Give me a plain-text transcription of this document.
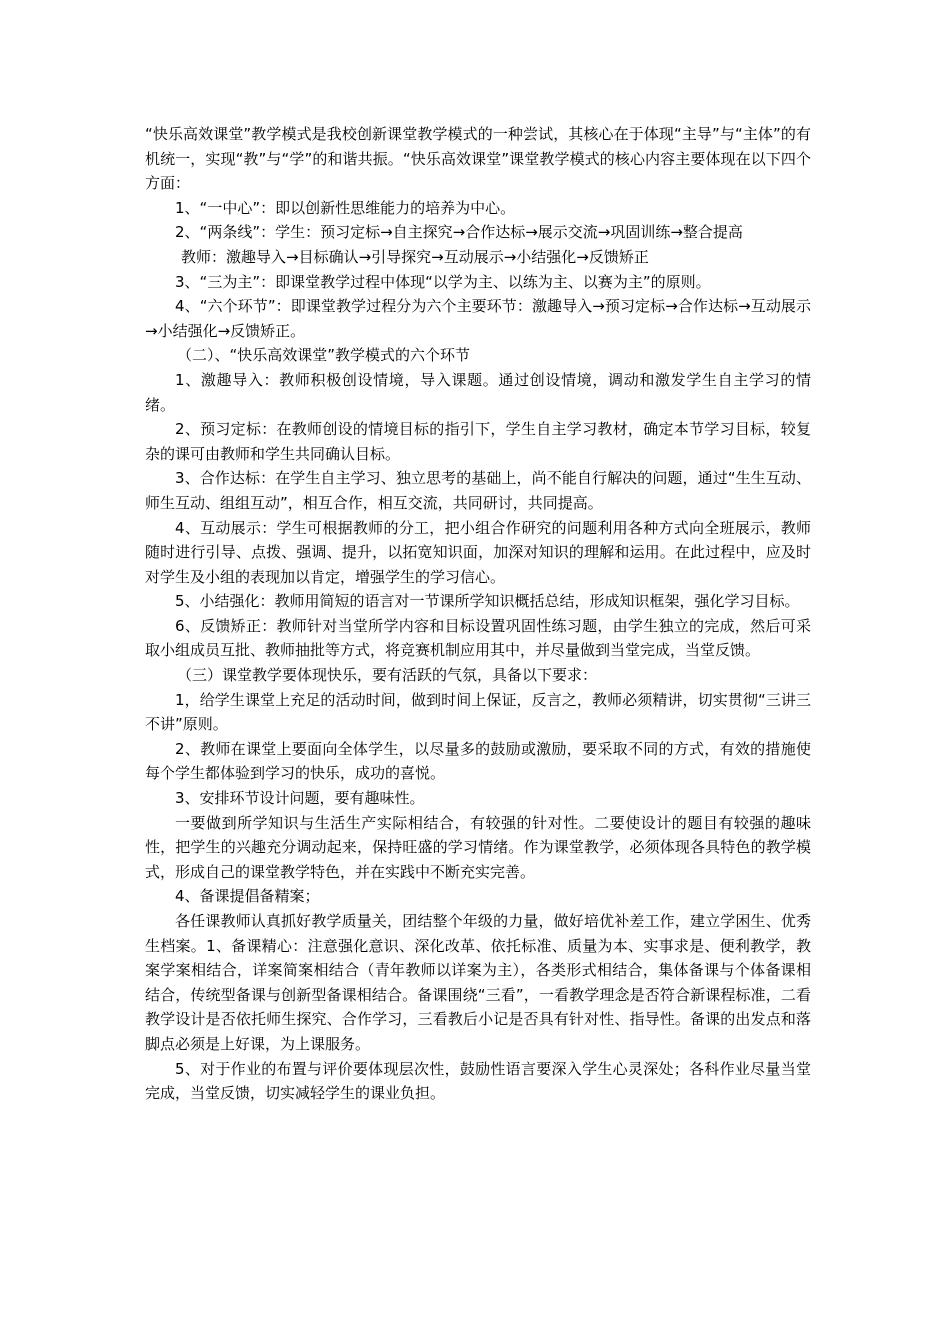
“快乐高效课堂”教学模式是我校创新课堂教学模式的一种尝试，其核心在于体现“主导”与“主体”的有机统一，实现“教”与“学”的和谐共振。“快乐高效课堂”课堂教学模式的核心内容主要体现在以下四个方面：

1、“一中心”：即以创新性思维能力的培养为中心。

2、“两条线”：学生：预习定标→自主探究→合作达标→展示交流→巩固训练→整合提高

教师：激趣导入→目标确认→引导探究→互动展示→小结强化→反馈矫正

3、“三为主”：即课堂教学过程中体现“以学为主、以练为主、以赛为主”的原则。

4、“六个环节”：即课堂教学过程分为六个主要环节：激趣导入→预习定标→合作达标→互动展示→小结强化→反馈矫正。

（二）、“快乐高效课堂”教学模式的六个环节

1、激趣导入：教师积极创设情境，导入课题。通过创设情境，调动和激发学生自主学习的情绪。

2、预习定标：在教师创设的情境目标的指引下，学生自主学习教材，确定本节学习目标，较复杂的课可由教师和学生共同确认目标。

3、合作达标：在学生自主学习、独立思考的基础上，尚不能自行解决的问题，通过“生生互动、师生互动、组组互动”，相互合作，相互交流，共同研讨，共同提高。

4、互动展示：学生可根据教师的分工，把小组合作研究的问题利用各种方式向全班展示，教师随时进行引导、点拨、强调、提升，以拓宽知识面，加深对知识的理解和运用。在此过程中，应及时对学生及小组的表现加以肯定，增强学生的学习信心。

5、小结强化：教师用简短的语言对一节课所学知识概括总结，形成知识框架，强化学习目标。

6、反馈矫正：教师针对当堂所学内容和目标设置巩固性练习题，由学生独立的完成，然后可采取小组成员互批、教师抽批等方式，将竞赛机制应用其中，并尽量做到当堂完成，当堂反馈。

（三）课堂教学要体现快乐，要有活跃的气氛，具备以下要求：

1，给学生课堂上充足的活动时间，做到时间上保证，反言之，教师必须精讲，切实贯彻“三讲三不讲”原则。

2、教师在课堂上要面向全体学生，以尽量多的鼓励或激励，要采取不同的方式，有效的措施使每个学生都体验到学习的快乐，成功的喜悦。

3、安排环节设计问题，要有趣味性。

一要做到所学知识与生活生产实际相结合，有较强的针对性。二要使设计的题目有较强的趣味性，把学生的兴趣充分调动起来，保持旺盛的学习情绪。作为课堂教学，必须体现各具特色的教学模式，形成自己的课堂教学特色，并在实践中不断充实完善。

4、备课提倡备精案；

各任课教师认真抓好教学质量关，团结整个年级的力量，做好培优补差工作，建立学困生、优秀生档案。1、备课精心：注意强化意识、深化改革、依托标准、质量为本、实事求是、便利教学，教案学案相结合，详案简案相结合（青年教师以详案为主），各类形式相结合，集体备课与个体备课相结合，传统型备课与创新型备课相结合。备课围绕“三看”，一看教学理念是否符合新课程标准，二看教学设计是否依托师生探究、合作学习，三看教后小记是否具有针对性、指导性。备课的出发点和落脚点必须是上好课，为上课服务。

5、对于作业的布置与评价要体现层次性，鼓励性语言要深入学生心灵深处；各科作业尽量当堂完成，当堂反馈，切实减轻学生的课业负担。
